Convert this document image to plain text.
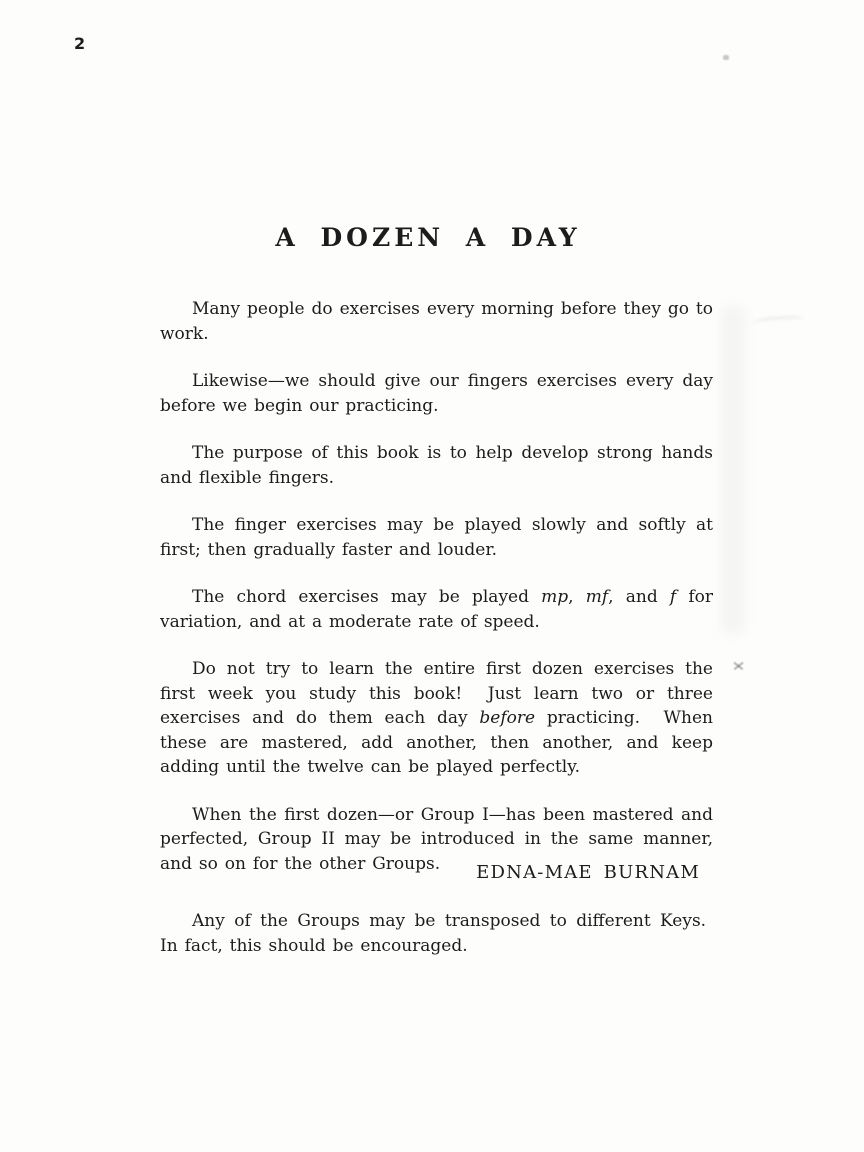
2
A DOZEN A DAY

Many people do exercises every morning before they go to work.

Likewise—we should give our fingers exercises every day before we begin our practicing.

The purpose of this book is to help develop strong hands and flexible fingers.

The finger exercises may be played slowly and softly at first; then gradually faster and louder.

The chord exercises may be played mp, mf, and f for variation, and at a moderate rate of speed.

Do not try to learn the entire first dozen exercises the first week you study this book!  Just learn two or three exercises and do them each day before practicing.  When these are mastered, add another, then another, and keep adding until the twelve can be played perfectly.

When the first dozen—or Group I—has been mastered and perfected, Group II may be introduced in the same manner, and so on for the other Groups.

Any of the Groups may be transposed to different Keys.  In fact, this should be encouraged.

EDNA-MAE BURNAM
